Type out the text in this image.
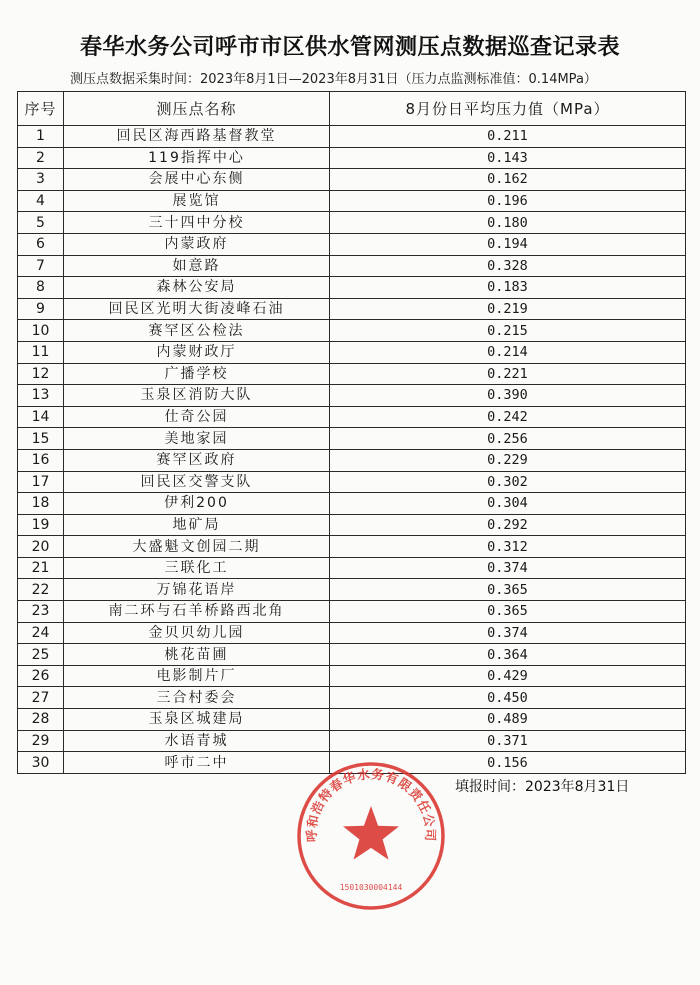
春华水务公司呼市市区供水管网测压点数据巡查记录表
测压点数据采集时间：2023年8月1日—2023年8月31日（压力点监测标准值：0.14MPa）
序号	测压点名称	8月份日平均压力值（MPa）
1	回民区海西路基督教堂	0.211
2	119指挥中心	0.143
3	会展中心东侧	0.162
4	展览馆	0.196
5	三十四中分校	0.180
6	内蒙政府	0.194
7	如意路	0.328
8	森林公安局	0.183
9	回民区光明大街凌峰石油	0.219
10	赛罕区公检法	0.215
11	内蒙财政厅	0.214
12	广播学校	0.221
13	玉泉区消防大队	0.390
14	仕奇公园	0.242
15	美地家园	0.256
16	赛罕区政府	0.229
17	回民区交警支队	0.302
18	伊利200	0.304
19	地矿局	0.292
20	大盛魁文创园二期	0.312
21	三联化工	0.374
22	万锦花语岸	0.365
23	南二环与石羊桥路西北角	0.365
24	金贝贝幼儿园	0.374
25	桃花苗圃	0.364
26	电影制片厂	0.429
27	三合村委会	0.450
28	玉泉区城建局	0.489
29	水语青城	0.371
30	呼市二中	0.156
填报时间：2023年8月31日
呼和浩特春华水务有限责任公司
1501030004144
